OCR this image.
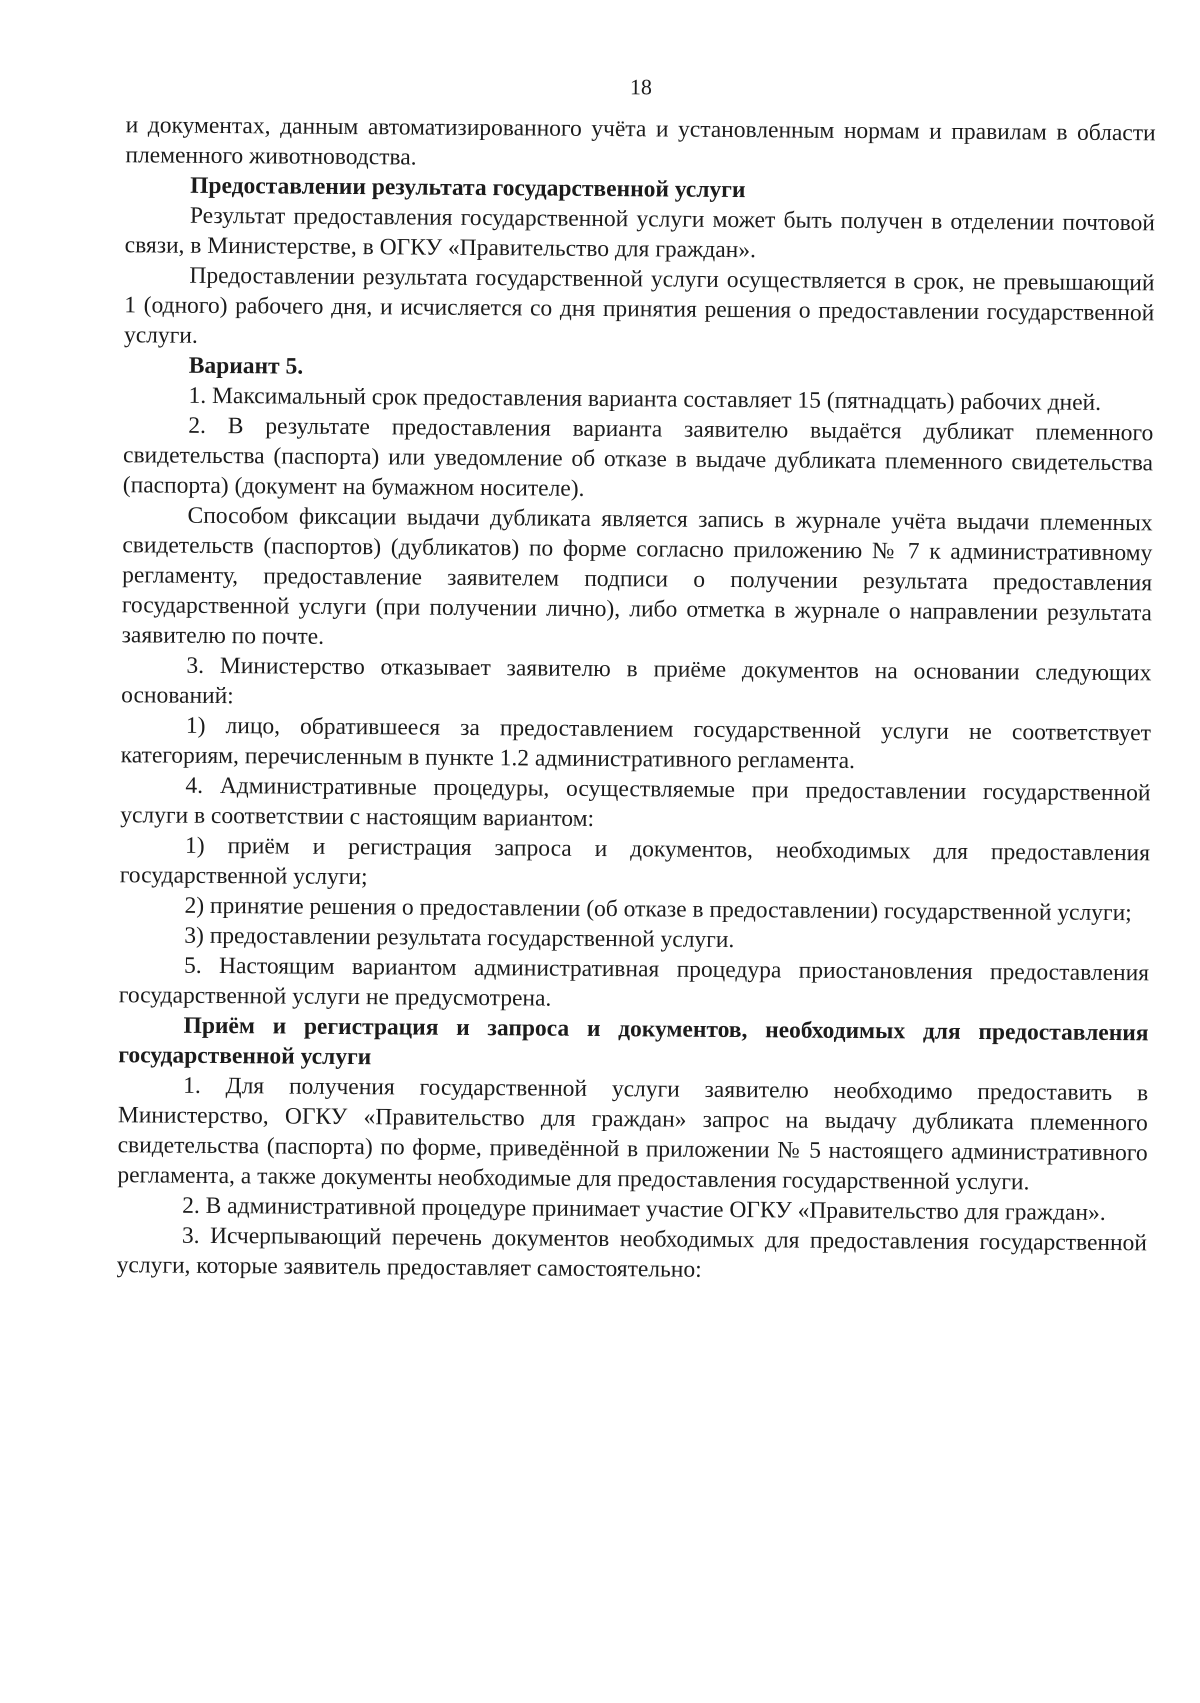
18

и документах, данным автоматизированного учёта и установленным нормам и правилам в области племенного животноводства.

Предоставлении результата государственной услуги

Результат предоставления государственной услуги может быть получен в отделении почтовой связи, в Министерстве, в ОГКУ «Правительство для граждан».

Предоставлении результата государственной услуги осуществляется в срок, не превышающий 1 (одного) рабочего дня, и исчисляется со дня принятия решения о предоставлении государственной услуги.

Вариант 5.

1. Максимальный срок предоставления варианта составляет 15 (пятнадцать) рабочих дней.

2. В результате предоставления варианта заявителю выдаётся дубликат племенного свидетельства (паспорта) или уведомление об отказе в выдаче дубликата племенного свидетельства (паспорта) (документ на бумажном носителе).

Способом фиксации выдачи дубликата является запись в журнале учёта выдачи племенных свидетельств (паспортов) (дубликатов) по форме согласно приложению № 7 к административному регламенту, предоставление заявителем подписи о получении результата предоставления государственной услуги (при получении лично), либо отметка в журнале о направлении результата заявителю по почте.

3. Министерство отказывает заявителю в приёме документов на основании следующих оснований:

1) лицо, обратившееся за предоставлением государственной услуги не соответствует категориям, перечисленным в пункте 1.2 административного регламента.

4. Административные процедуры, осуществляемые при предоставлении государственной услуги в соответствии с настоящим вариантом:

1) приём и регистрация запроса и документов, необходимых для предоставления государственной услуги;

2) принятие решения о предоставлении (об отказе в предоставлении) государственной услуги;

3) предоставлении результата государственной услуги.

5. Настоящим вариантом административная процедура приостановления предоставления государственной услуги не предусмотрена.

Приём и регистрация и запроса и документов, необходимых для предоставления государственной услуги

1. Для получения государственной услуги заявителю необходимо предоставить в Министерство, ОГКУ «Правительство для граждан» запрос на выдачу дубликата племенного свидетельства (паспорта) по форме, приведённой в приложении № 5 настоящего административного регламента, а также документы необходимые для предоставления государственной услуги.

2. В административной процедуре принимает участие ОГКУ «Правительство для граждан».

3. Исчерпывающий перечень документов необходимых для предоставления государственной услуги, которые заявитель предоставляет самостоятельно:
